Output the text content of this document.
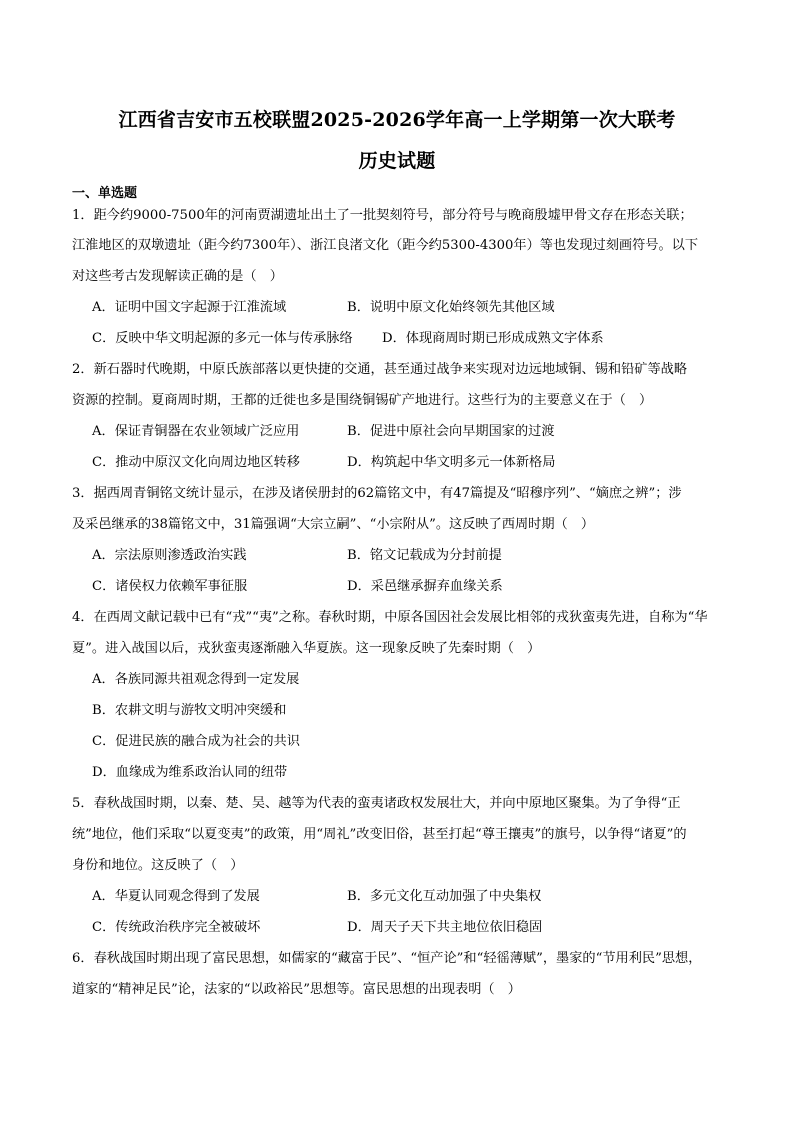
江西省吉安市五校联盟2025-2026学年高一上学期第一次大联考
历史试题
一、单选题
1．距今约9000-7500年的河南贾湖遗址出土了一批契刻符号，部分符号与晚商殷墟甲骨文存在形态关联；
江淮地区的双墩遗址（距今约7300年）、浙江良渚文化（距今约5300-4300年）等也发现过刻画符号。以下
对这些考古发现解读正确的是（　）
A．证明中国文字起源于江淮流域	B．说明中原文化始终领先其他区域
C．反映中华文明起源的多元一体与传承脉络 D．体现商周时期已形成成熟文字体系
2．新石器时代晚期，中原氏族部落以更快捷的交通，甚至通过战争来实现对边远地域铜、锡和铅矿等战略
资源的控制。夏商周时期，王都的迁徙也多是围绕铜锡矿产地进行。这些行为的主要意义在于（　）
A．保证青铜器在农业领域广泛应用	B．促进中原社会向早期国家的过渡
C．推动中原汉文化向周边地区转移	D．构筑起中华文明多元一体新格局
3．据西周青铜铭文统计显示，在涉及诸侯册封的62篇铭文中，有47篇提及“昭穆序列”、“嫡庶之辨”；涉
及采邑继承的38篇铭文中，31篇强调“大宗立嗣”、“小宗附从”。这反映了西周时期（　）
A．宗法原则渗透政治实践	B．铭文记载成为分封前提
C．诸侯权力依赖军事征服	D．采邑继承摒弃血缘关系
4．在西周文献记载中已有“戎”“夷”之称。春秋时期，中原各国因社会发展比相邻的戎狄蛮夷先进，自称为“华
夏”。进入战国以后，戎狄蛮夷逐渐融入华夏族。这一现象反映了先秦时期（　）
A．各族同源共祖观念得到一定发展
B．农耕文明与游牧文明冲突缓和
C．促进民族的融合成为社会的共识
D．血缘成为维系政治认同的纽带
5．春秋战国时期，以秦、楚、吴、越等为代表的蛮夷诸政权发展壮大，并向中原地区聚集。为了争得“正
统”地位，他们采取“以夏变夷”的政策，用“周礼”改变旧俗，甚至打起“尊王攘夷”的旗号，以争得“诸夏”的
身份和地位。这反映了（　）
A．华夏认同观念得到了发展	B．多元文化互动加强了中央集权
C．传统政治秩序完全被破坏	D．周天子天下共主地位依旧稳固
6．春秋战国时期出现了富民思想，如儒家的“藏富于民”、“恒产论”和“轻徭薄赋”，墨家的“节用利民”思想，
道家的“精神足民”论，法家的“以政裕民”思想等。富民思想的出现表明（　）
